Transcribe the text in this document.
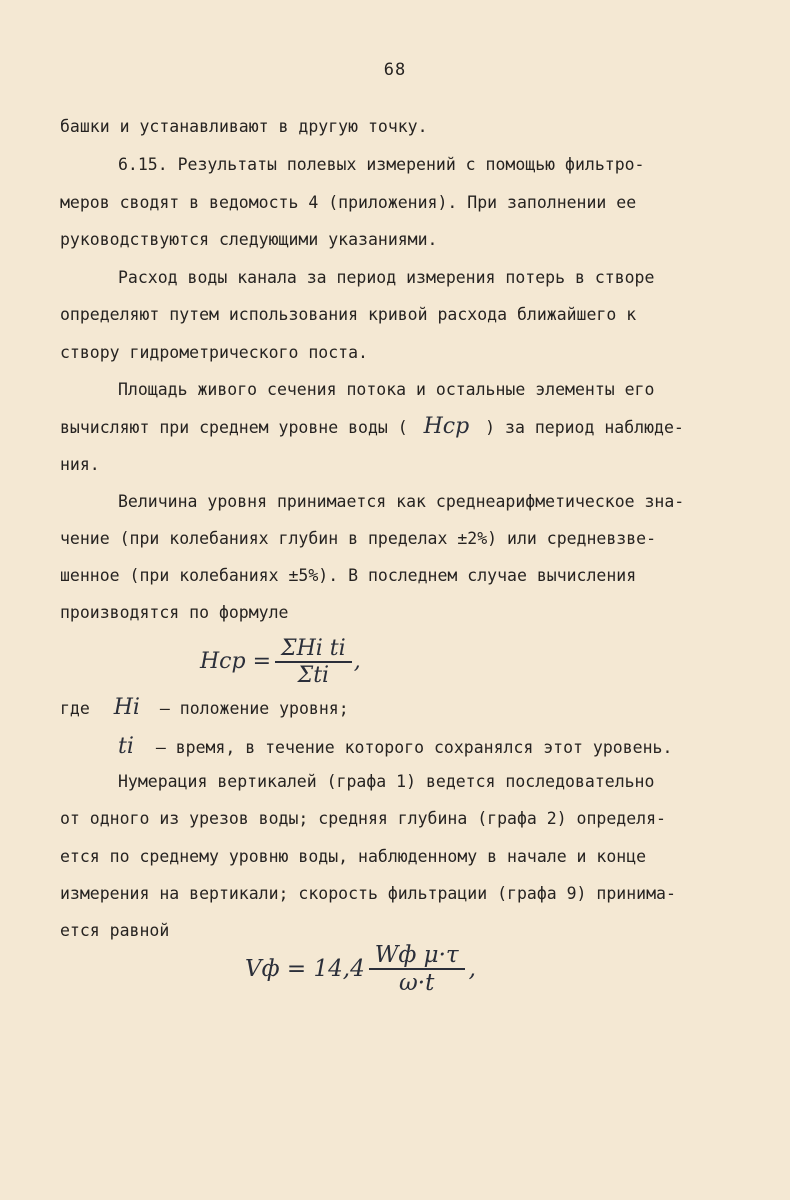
68
башки и устанавливают в другую точку.
6.15. Результаты полевых измерений с помощью фильтро-
меров сводят в ведомость 4 (приложения). При заполнении ее
руководствуются следующими указаниями.
Расход воды канала за период измерения потерь в створе
определяют путем использования кривой расхода ближайшего к
створу гидрометрического поста.
Площадь живого сечения потока и остальные элементы его
вычисляют при среднем уровне воды ( Hср ) за период наблюде-
ния.
Величина уровня принимается как среднеарифметическое зна-
чение (при колебаниях глубин в пределах ±2%) или средневзве-
шенное (при колебаниях ±5%). В последнем случае вычисления
производятся по формуле
Hср = $\frac{\text{ΣHi ti}}{\text{Σti}}$ ,
где Hi – положение уровня;
ti – время, в течение которого сохранялся этот уровень.
Нумерация вертикалей (графа 1) ведется последовательно
от одного из урезов воды; средняя глубина (графа 2) определя-
ется по среднему уровню воды, наблюденному в начале и конце
измерения на вертикали; скорость фильтрации (графа 9) принима-
ется равной
Vф = $14,4 \frac{\text{Wф μ·τ}}{\omega\cdot t}$ ,
